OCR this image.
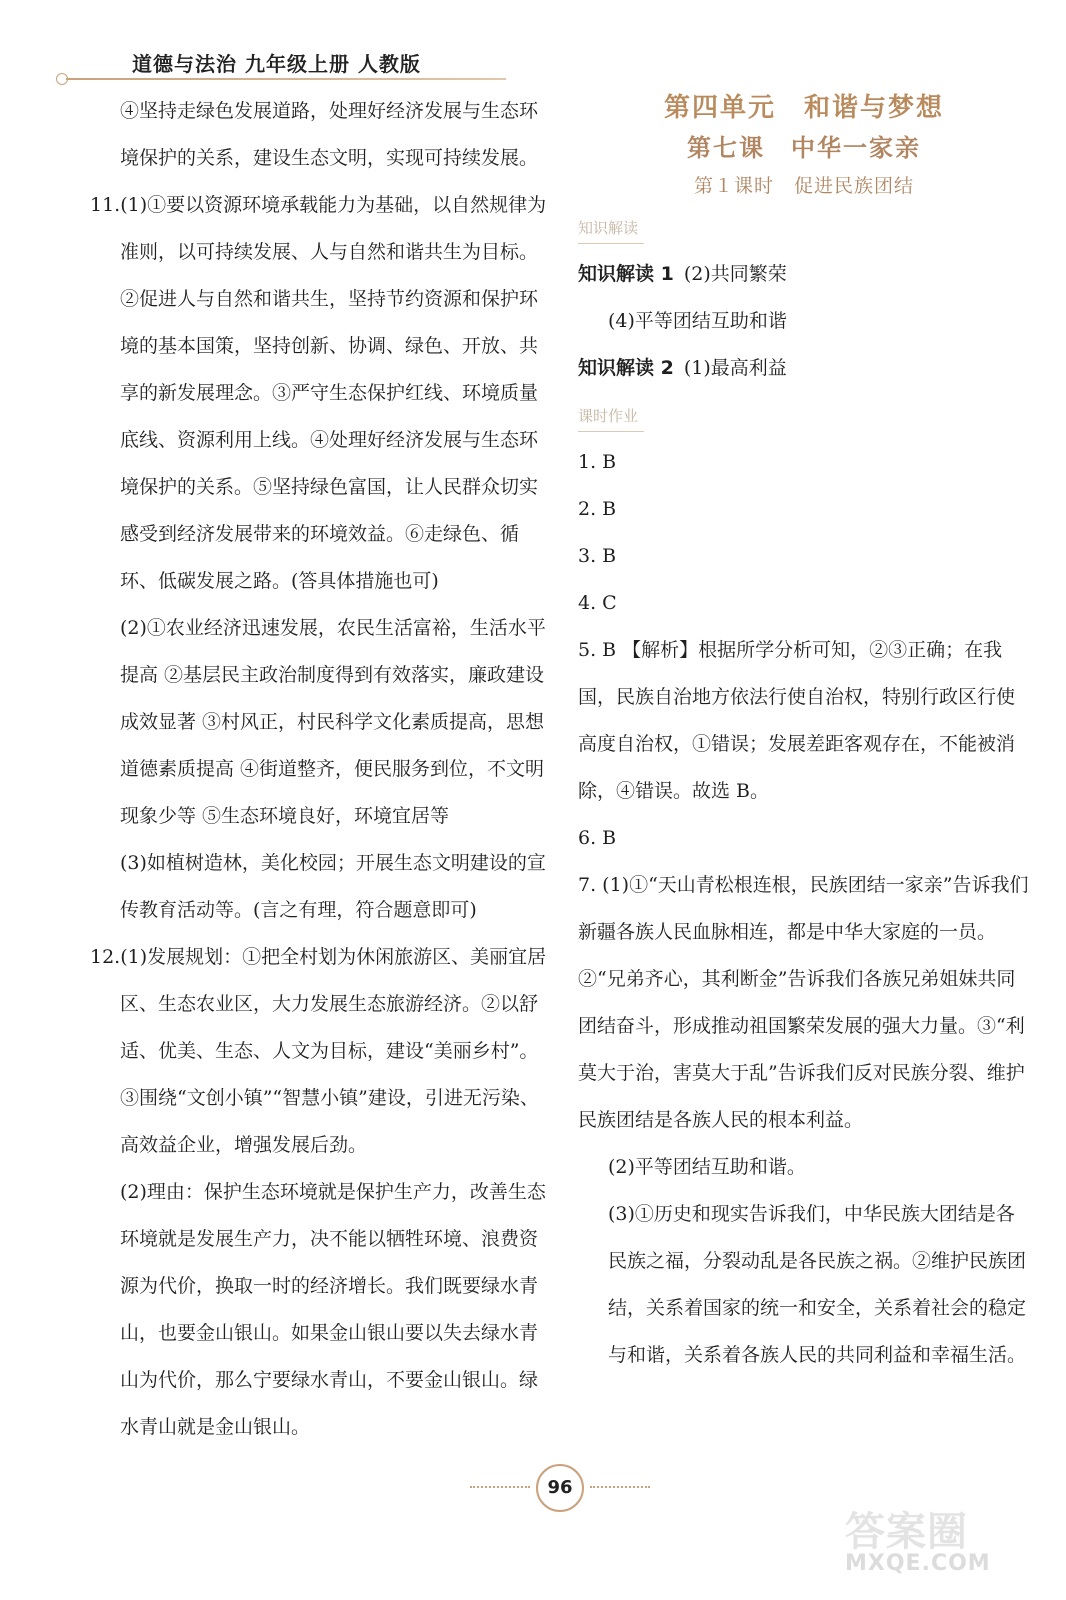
道德与法治 九年级上册 人教版

④坚持走绿色发展道路，处理好经济发展与生态环境保护的关系，建设生态文明，实现可持续发展。

11.(1)①要以资源环境承载能力为基础，以自然规律为准则，以可持续发展、人与自然和谐共生为目标。②促进人与自然和谐共生，坚持节约资源和保护环境的基本国策，坚持创新、协调、绿色、开放、共享的新发展理念。③严守生态保护红线、环境质量底线、资源利用上线。④处理好经济发展与生态环境保护的关系。⑤坚持绿色富国，让人民群众切实感受到经济发展带来的环境效益。⑥走绿色、循环、低碳发展之路。(答具体措施也可)

(2)①农业经济迅速发展，农民生活富裕，生活水平提高 ②基层民主政治制度得到有效落实，廉政建设成效显著 ③村风正，村民科学文化素质提高，思想道德素质提高 ④街道整齐，便民服务到位，不文明现象少等 ⑤生态环境良好，环境宜居等

(3)如植树造林，美化校园；开展生态文明建设的宣传教育活动等。(言之有理，符合题意即可)

12.(1)发展规划：①把全村划为休闲旅游区、美丽宜居区、生态农业区，大力发展生态旅游经济。②以舒适、优美、生态、人文为目标，建设“美丽乡村”。③围绕“文创小镇”“智慧小镇”建设，引进无污染、高效益企业，增强发展后劲。

(2)理由：保护生态环境就是保护生产力，改善生态环境就是发展生产力，决不能以牺牲环境、浪费资源为代价，换取一时的经济增长。我们既要绿水青山，也要金山银山。如果金山银山要以失去绿水青山为代价，那么宁要绿水青山，不要金山银山。绿水青山就是金山银山。

第四单元　和谐与梦想

第七课　中华一家亲

第１课时　促进民族团结

知识解读

知识解读 1 (2)共同繁荣

(4)平等团结互助和谐

知识解读 2 (1)最高利益

课时作业

1. B

2. B

3. B

4. C

5. B 【解析】根据所学分析可知，②③正确；在我国，民族自治地方依法行使自治权，特别行政区行使高度自治权，①错误；发展差距客观存在，不能被消除，④错误。故选 B。

6. B

7. (1)①“天山青松根连根，民族团结一家亲”告诉我们新疆各族人民血脉相连，都是中华大家庭的一员。②“兄弟齐心，其利断金”告诉我们各族兄弟姐妹共同团结奋斗，形成推动祖国繁荣发展的强大力量。③“利莫大于治，害莫大于乱”告诉我们反对民族分裂、维护民族团结是各族人民的根本利益。

(2)平等团结互助和谐。

(3)①历史和现实告诉我们，中华民族大团结是各民族之福，分裂动乱是各民族之祸。②维护民族团结，关系着国家的统一和安全，关系着社会的稳定与和谐，关系着各族人民的共同利益和幸福生活。

96
答案圈
MXQE.COM
